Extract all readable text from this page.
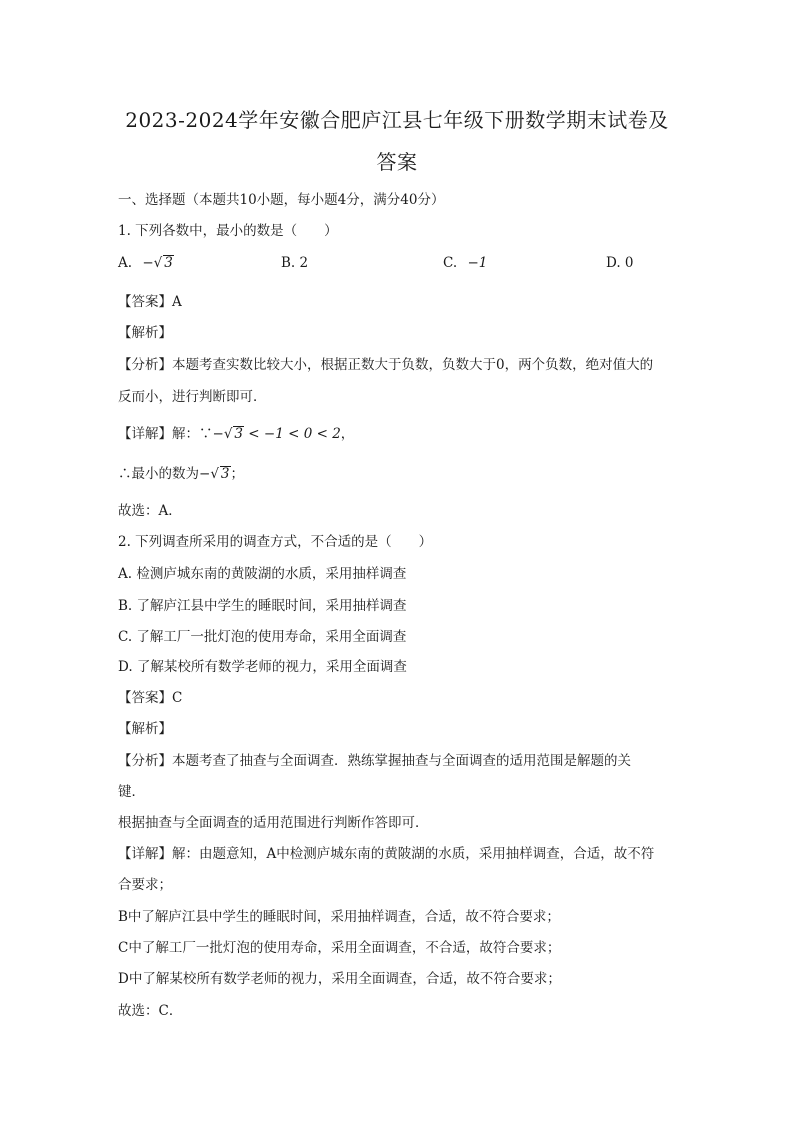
2023-2024学年安徽合肥庐江县七年级下册数学期末试卷及
答案
一、选择题（本题共10小题，每小题4分，满分40分）
1. 下列各数中，最小的数是（　　）
A. −√ 3	B. 2	C. −1	D. 0
【答案】A
【解析】
【分析】本题考查实数比较大小，根据正数大于负数，负数大于0，两个负数，绝对值大的
反而小，进行判断即可．
【详解】解：∵−√ 3 < −1 < 0 < 2，
∴最小的数为−√ 3；
故选：A．
2. 下列调查所采用的调查方式，不合适的是（　　）
A. 检测庐城东南的黄陂湖的水质，采用抽样调查
B. 了解庐江县中学生的睡眠时间，采用抽样调查
C. 了解工厂一批灯泡的使用寿命，采用全面调查
D. 了解某校所有数学老师的视力，采用全面调查
【答案】C
【解析】
【分析】本题考查了抽查与全面调查．熟练掌握抽查与全面调查的适用范围是解题的关
键．
根据抽查与全面调查的适用范围进行判断作答即可．
【详解】解：由题意知，A中检测庐城东南的黄陂湖的水质，采用抽样调查，合适，故不符
合要求；
B中了解庐江县中学生的睡眠时间，采用抽样调查，合适，故不符合要求；
C中了解工厂一批灯泡的使用寿命，采用全面调查，不合适，故符合要求；
D中了解某校所有数学老师的视力，采用全面调查，合适，故不符合要求；
故选：C．
